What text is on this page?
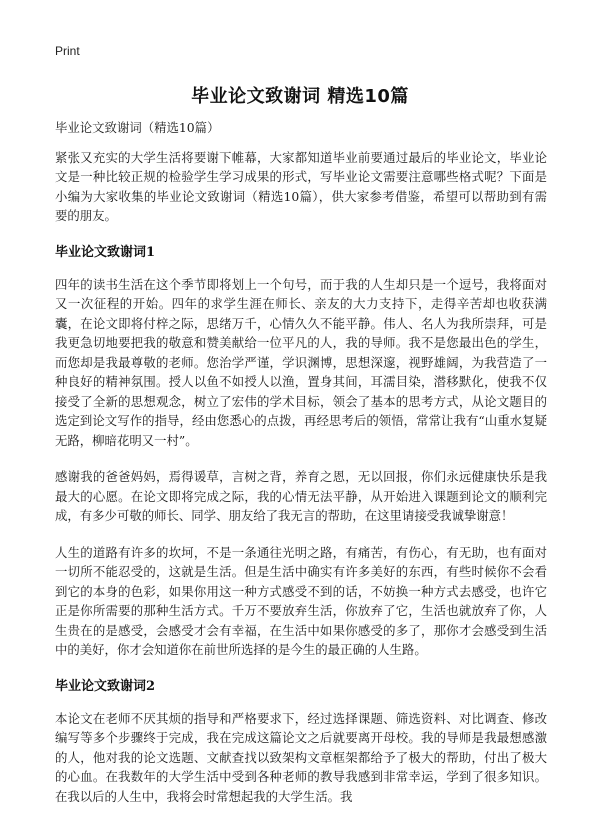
Print
毕业论文致谢词 精选10篇

毕业论文致谢词（精选10篇）

紧张又充实的大学生活将要谢下帷幕，大家都知道毕业前要通过最后的毕业论文，毕业论文是一种比较正规的检验学生学习成果的形式，写毕业论文需要注意哪些格式呢？下面是小编为大家收集的毕业论文致谢词（精选10篇），供大家参考借鉴，希望可以帮助到有需要的朋友。

毕业论文致谢词1

四年的读书生活在这个季节即将划上一个句号，而于我的人生却只是一个逗号，我将面对又一次征程的开始。四年的求学生涯在师长、亲友的大力支持下，走得辛苦却也收获满囊，在论文即将付梓之际，思绪万千，心情久久不能平静。伟人、名人为我所崇拜，可是我更急切地要把我的敬意和赞美献给一位平凡的人，我的导师。我不是您最出色的学生，而您却是我最尊敬的老师。您治学严谨，学识渊博，思想深邃，视野雄阔，为我营造了一种良好的精神氛围。授人以鱼不如授人以渔，置身其间，耳濡目染，潜移默化，使我不仅接受了全新的思想观念，树立了宏伟的学术目标，领会了基本的思考方式，从论文题目的选定到论文写作的指导，经由您悉心的点拨，再经思考后的领悟，常常让我有“山重水复疑无路，柳暗花明又一村”。

感谢我的爸爸妈妈，焉得谖草，言树之背，养育之恩，无以回报，你们永远健康快乐是我最大的心愿。在论文即将完成之际，我的心情无法平静，从开始进入课题到论文的顺利完成，有多少可敬的师长、同学、朋友给了我无言的帮助，在这里请接受我诚挚谢意！

人生的道路有许多的坎坷，不是一条通往光明之路，有痛苦，有伤心，有无助，也有面对一切所不能忍受的，这就是生活。但是生活中确实有许多美好的东西，有些时候你不会看到它的本身的色彩，如果你用这一种方式感受不到的话，不妨换一种方式去感受，也许它正是你所需要的那种生活方式。千万不要放弃生活，你放弃了它，生活也就放弃了你，人生贵在的是感受，会感受才会有幸福，在生活中如果你感受的多了，那你才会感受到生活中的美好，你才会知道你在前世所选择的是今生的最正确的人生路。

毕业论文致谢词2

本论文在老师不厌其烦的指导和严格要求下，经过选择课题、筛选资料、对比调查、修改编写等多个步骤终于完成，我在完成这篇论文之后就要离开母校。我的导师是我最想感激的人，他对我的论文选题、文献查找以致架构文章框架都给予了极大的帮助，付出了极大的心血。在我数年的大学生活中受到各种老师的教导我感到非常幸运，学到了很多知识。在我以后的人生中，我将会时常想起我的大学生活。我
